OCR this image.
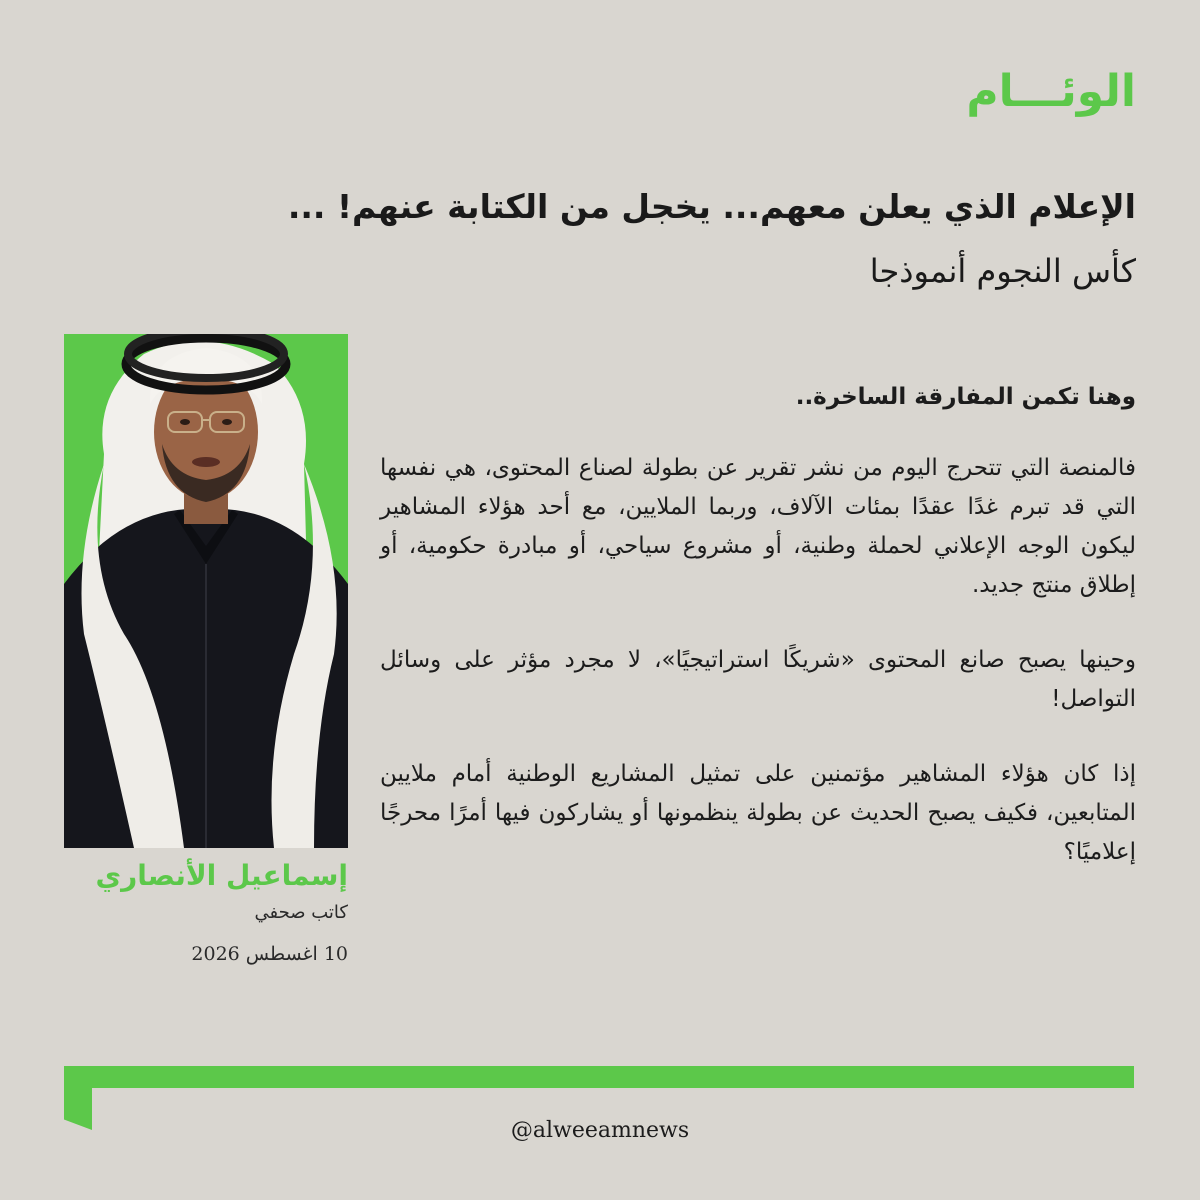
الوئـــام
الإعلام الذي يعلن معهم... يخجل من الكتابة عنهم! ...
كأس النجوم أنموذجا
إسماعيل الأنصاري
كاتب صحفي
10 اغسطس 2026

وهنا تكمن المفارقة الساخرة..

فالمنصة التي تتحرج اليوم من نشر تقرير عن بطولة لصناع المحتوى، هي نفسها التي قد تبرم غدًا عقدًا بمئات الآلاف، وربما الملايين، مع أحد هؤلاء المشاهير ليكون الوجه الإعلاني لحملة وطنية، أو مشروع سياحي، أو مبادرة حكومية، أو إطلاق منتج جديد.

وحينها يصبح صانع المحتوى «شريكًا استراتيجيًا»، لا مجرد مؤثر على وسائل التواصل!

إذا كان هؤلاء المشاهير مؤتمنين على تمثيل المشاريع الوطنية أمام ملايين المتابعين، فكيف يصبح الحديث عن بطولة ينظمونها أو يشاركون فيها أمرًا محرجًا إعلاميًا؟

@alweeamnews
